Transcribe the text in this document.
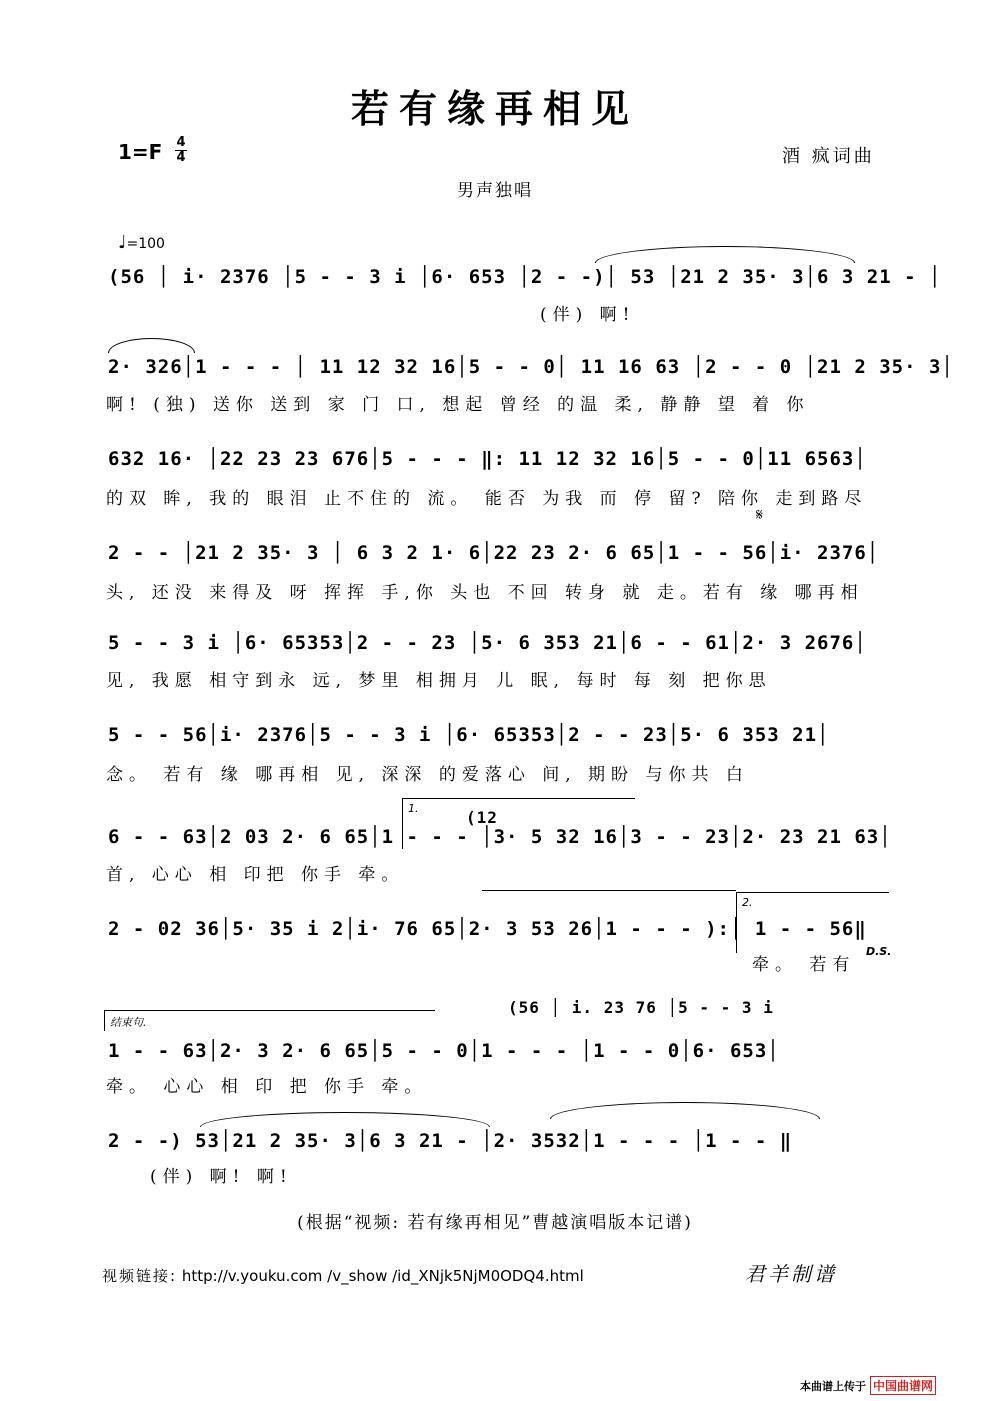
若有缘再相见
1=F 4
4	酒 疯词曲
男声独唱
♩=100
(56 │ i· 2376 │5 - - 3 i │6· 653 │2 - -)│ 53 │21 2 35· 3│6 3 21 - │
(伴) 啊!
2· 326│1 - - - │ 11 12 32 16│5 - - 0│ 11 16 63 │2 - - 0 │21 2 35· 3│
啊! (独) 送你 送到 家 门 口, 想起 曾经 的温 柔, 静静 望 着 你
632 16· │22 23 23 676│5 - - - ‖: 11 12 32 16│5 - - 0│11 6563│
的双 眸, 我的 眼泪 止不住的 流。 能否 为我 而 停 留? 陪你 走到路尽
𝄋
2 - - │21 2 35· 3 │ 6 3 2 1· 6│22 23 2· 6 65│1 - - 56│i· 2376│
头, 还没 来得及 呀 挥挥 手,你 头也 不回 转身 就 走。若有 缘 哪再相
5 - - 3 i │6· 65353│2 - - 23 │5· 6 353 21│6 - - 61│2· 3 2676│
见, 我愿 相守到永 远, 梦里 相拥月 儿 眠, 每时 每 刻 把你思
5 - - 56│i· 2376│5 - - 3 i │6· 65353│2 - - 23│5· 6 353 21│
念。 若有 缘 哪再相 见, 深深 的爱落心 间, 期盼 与你共 白
1.	(12
6 - - 63│2 03 2· 6 65│1 - - - │3· 5 32 16│3 - - 23│2· 23 21 63│
首, 心心 相 印把 你手 牵。
2.
2 - 02 36│5· 35 i 2│i· 76 65│2· 3 53 26│1 - - - ):│ 1 - - 56‖
牵。 若有
D.S.
(56 │ i. 23 76 │5 - - 3 i
结束句.
1 - - 63│2· 3 2· 6 65│5 - - 0│1 - - - │1 - - 0│6· 653│
牵。 心心 相 印 把 你手 牵。
2 - -) 53│21 2 35· 3│6 3 21 - │2· 3532│1 - - - │1 - - ‖
(伴) 啊! 啊!
(根据“视频: 若有缘再相见”曹越演唱版本记谱)
视频链接: http://v.youku.com /v_show /id_XNjk5NjM0ODQ4.html	君羊制谱
本曲谱上传于 中国曲谱网
